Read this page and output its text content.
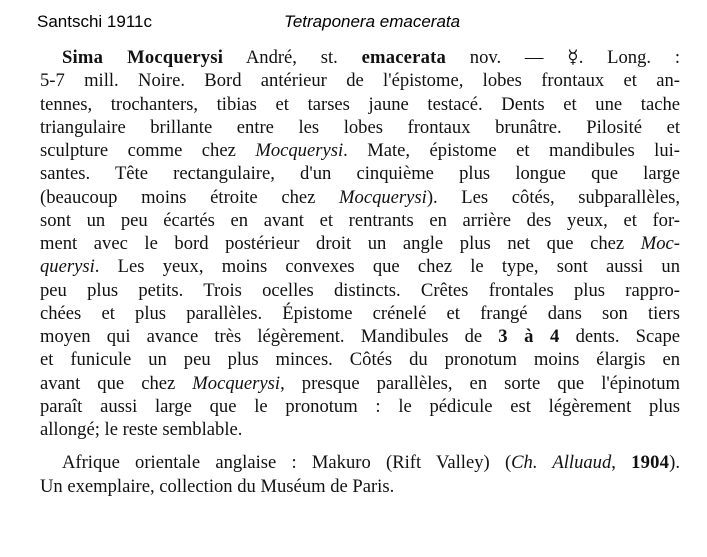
Santschi 1911c	Tetraponera emacerata
Sima Mocquerysi André, st. emacerata nov. — ☿. Long. :
5-7 mill. Noire. Bord antérieur de l'épistome, lobes frontaux et an-
tennes, trochanters, tibias et tarses jaune testacé. Dents et une tache
triangulaire brillante entre les lobes frontaux brunâtre. Pilosité et
sculpture comme chez Mocquerysi. Mate, épistome et mandibules lui-
santes. Tête rectangulaire, d'un cinquième plus longue que large
(beaucoup moins étroite chez Mocquerysi). Les côtés, subparallèles,
sont un peu écartés en avant et rentrants en arrière des yeux, et for-
ment avec le bord postérieur droit un angle plus net que chez Moc-
querysi. Les yeux, moins convexes que chez le type, sont aussi un
peu plus petits. Trois ocelles distincts. Crêtes frontales plus rappro-
chées et plus parallèles. Épistome crénelé et frangé dans son tiers
moyen qui avance très légèrement. Mandibules de 3 à 4 dents. Scape
et funicule un peu plus minces. Côtés du pronotum moins élargis en
avant que chez Mocquerysi, presque parallèles, en sorte que l'épinotum
paraît aussi large que le pronotum : le pédicule est légèrement plus
allongé; le reste semblable.
Afrique orientale anglaise : Makuro (Rift Valley) (Ch. Alluaud, 1904).
Un exemplaire, collection du Muséum de Paris.
